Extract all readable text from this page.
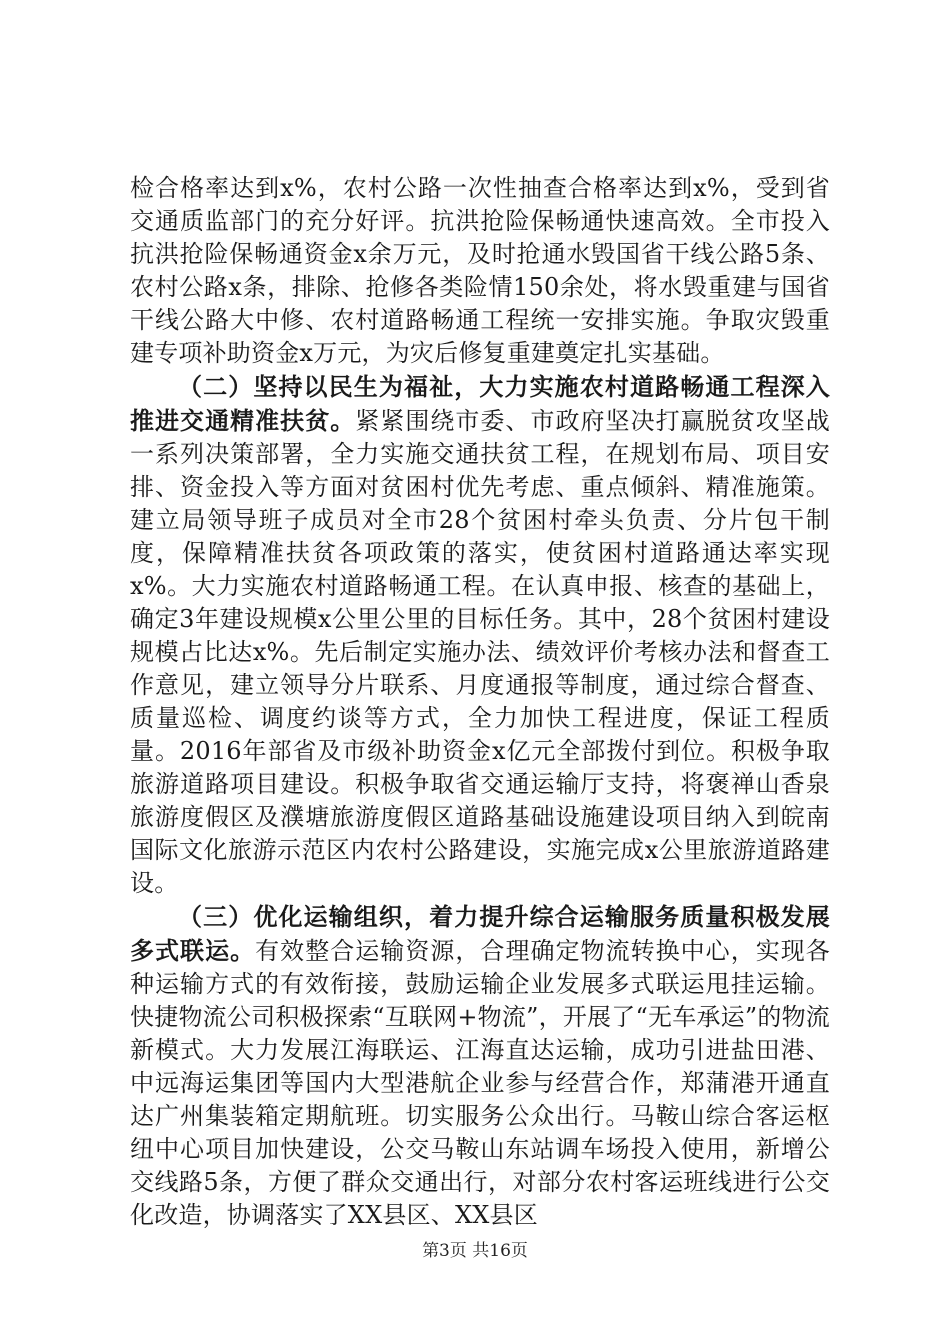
检合格率达到x%，农村公路一次性抽查合格率达到x%，受到省交通质监部门的充分好评。抗洪抢险保畅通快速高效。全市投入抗洪抢险保畅通资金x余万元，及时抢通水毁国省干线公路5条、农村公路x条，排除、抢修各类险情150余处，将水毁重建与国省干线公路大中修、农村道路畅通工程统一安排实施。争取灾毁重建专项补助资金x万元，为灾后修复重建奠定扎实基础。

（二）坚持以民生为福祉，大力实施农村道路畅通工程深入推进交通精准扶贫。紧紧围绕市委、市政府坚决打赢脱贫攻坚战一系列决策部署，全力实施交通扶贫工程，在规划布局、项目安排、资金投入等方面对贫困村优先考虑、重点倾斜、精准施策。建立局领导班子成员对全市28个贫困村牵头负责、分片包干制度，保障精准扶贫各项政策的落实，使贫困村道路通达率实现x%。大力实施农村道路畅通工程。在认真申报、核查的基础上，确定3年建设规模x公里公里的目标任务。其中，28个贫困村建设规模占比达x%。先后制定实施办法、绩效评价考核办法和督查工作意见，建立领导分片联系、月度通报等制度，通过综合督查、质量巡检、调度约谈等方式，全力加快工程进度，保证工程质量。2016年部省及市级补助资金x亿元全部拨付到位。积极争取旅游道路项目建设。积极争取省交通运输厅支持，将褒禅山香泉旅游度假区及濮塘旅游度假区道路基础设施建设项目纳入到皖南国际文化旅游示范区内农村公路建设，实施完成x公里旅游道路建设。

（三）优化运输组织，着力提升综合运输服务质量积极发展多式联运。有效整合运输资源，合理确定物流转换中心，实现各种运输方式的有效衔接，鼓励运输企业发展多式联运甩挂运输。快捷物流公司积极探索“互联网+物流”，开展了“无车承运”的物流新模式。大力发展江海联运、江海直达运输，成功引进盐田港、中远海运集团等国内大型港航企业参与经营合作，郑蒲港开通直达广州集装箱定期航班。切实服务公众出行。马鞍山综合客运枢纽中心项目加快建设，公交马鞍山东站调车场投入使用，新增公交线路5条，方便了群众交通出行，对部分农村客运班线进行公交化改造，协调落实了XX县区、XX县区

第3页 共16页
